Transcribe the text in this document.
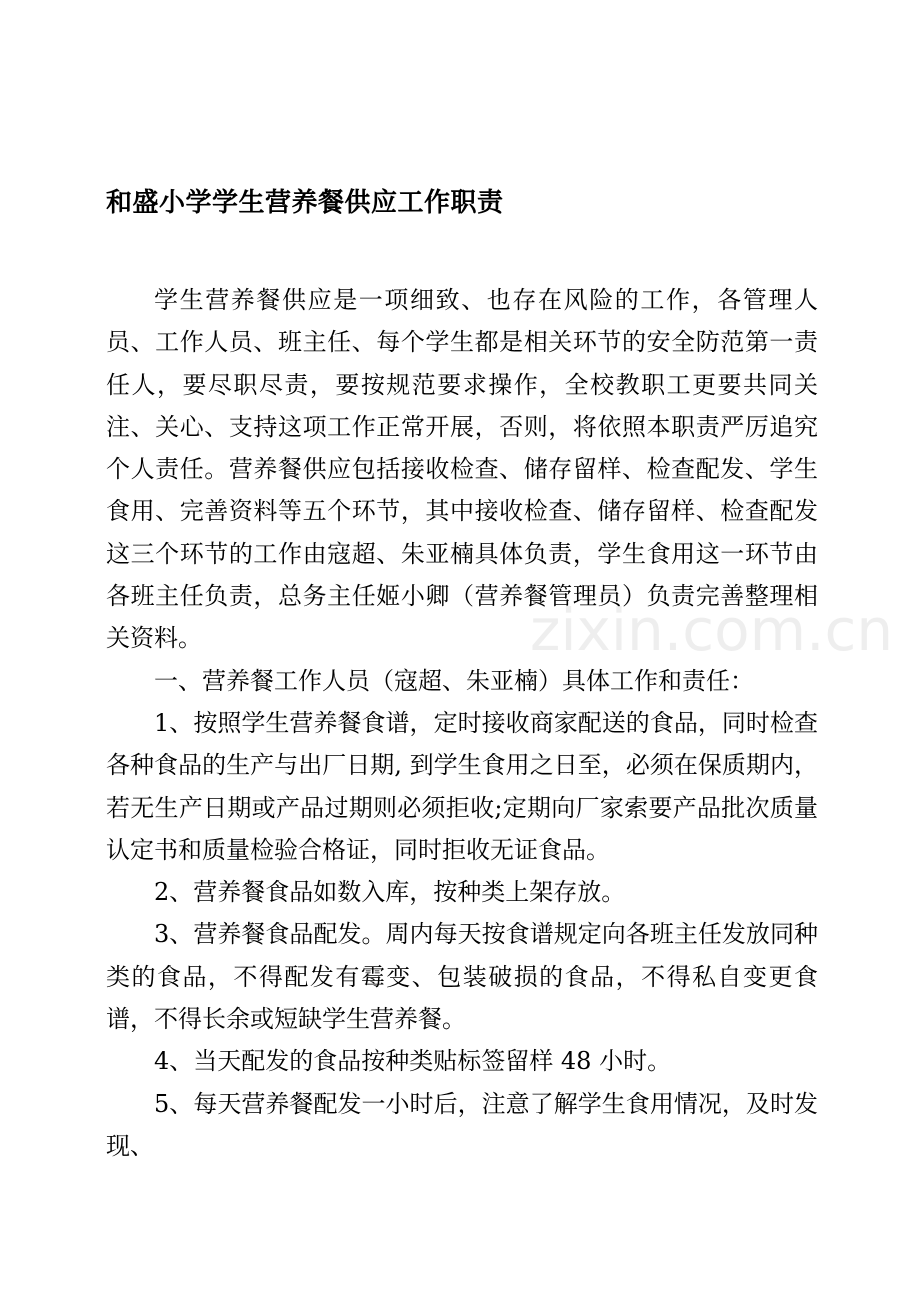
和盛小学学生营养餐供应工作职责

学生营养餐供应是一项细致、也存在风险的工作，各管理人员、工作人员、班主任、每个学生都是相关环节的安全防范第一责任人，要尽职尽责，要按规范要求操作，全校教职工更要共同关注、关心、支持这项工作正常开展，否则，将依照本职责严厉追究个人责任。营养餐供应包括接收检查、储存留样、检查配发、学生食用、完善资料等五个环节，其中接收检查、储存留样、检查配发这三个环节的工作由寇超、朱亚楠具体负责，学生食用这一环节由各班主任负责，总务主任姬小卿（营养餐管理员）负责完善整理相关资料。

一、营养餐工作人员（寇超、朱亚楠）具体工作和责任：

1、按照学生营养餐食谱，定时接收商家配送的食品，同时检查各种食品的生产与出厂日期, 到学生食用之日至，必须在保质期内，若无生产日期或产品过期则必须拒收;定期向厂家索要产品批次质量认定书和质量检验合格证，同时拒收无证食品。

2、营养餐食品如数入库，按种类上架存放。

3、营养餐食品配发。周内每天按食谱规定向各班主任发放同种类的食品，不得配发有霉变、包装破损的食品，不得私自变更食谱，不得长余或短缺学生营养餐。

4、当天配发的食品按种类贴标签留样 48 小时。

5、每天营养餐配发一小时后，注意了解学生食用情况，及时发现、

zixin.com.cn
